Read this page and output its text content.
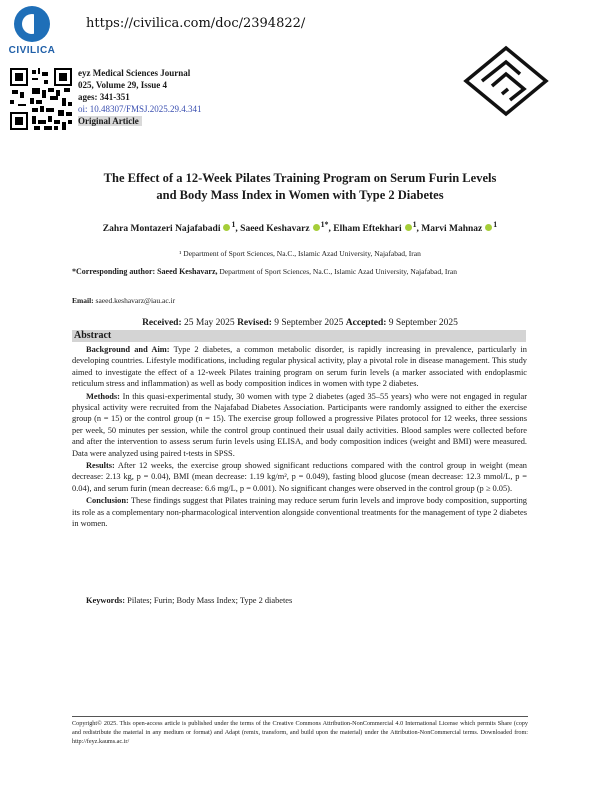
CIVILICA
https://civilica.com/doc/2394822/
eyz Medical Sciences Journal
025, Volume 29, Issue 4
ages: 341-351
oi: 10.48307/FMSJ.2025.29.4.341
Original Article
The Effect of a 12-Week Pilates Training Program on Serum Furin Levels
and Body Mass Index in Women with Type 2 Diabetes
Zahra Montazeri Najafabadi $^1$, Saeed Keshavarz $^{1*}$, Elham Eftekhari $^1$, Marvi Mahnaz $^1$
¹ Department of Sport Sciences, Na.C., Islamic Azad University, Najafabad, Iran
*Corresponding author: Saeed Keshavarz, Department of Sport Sciences, Na.C., Islamic Azad University, Najafabad, Iran
Email: saeed.keshavarz@iau.ac.ir
Received: 25 May 2025 Revised: 9 September 2025 Accepted: 9 September 2025
Abstract

Background and Aim: Type 2 diabetes, a common metabolic disorder, is rapidly increasing in prevalence, particularly in developing countries. Lifestyle modifications, including regular physical activity, play a pivotal role in disease management. This study aimed to investigate the effect of a 12-week Pilates training program on serum furin levels (a marker associated with endoplasmic reticulum stress and inflammation) as well as body composition indices in women with type 2 diabetes.

Methods: In this quasi-experimental study, 30 women with type 2 diabetes (aged 35–55 years) who were not engaged in regular physical activity were recruited from the Najafabad Diabetes Association. Participants were randomly assigned to either the exercise group (n = 15) or the control group (n = 15). The exercise group followed a progressive Pilates protocol for 12 weeks, three sessions per week, 50 minutes per session, while the control group continued their usual daily activities. Blood samples were collected before and after the intervention to assess serum furin levels using ELISA, and body composition indices (weight and BMI) were measured. Data were analyzed using paired t-tests in SPSS.

Results: After 12 weeks, the exercise group showed significant reductions compared with the control group in weight (mean decrease: 2.13 kg, p = 0.04), BMI (mean decrease: 1.19 kg/m², p = 0.049), fasting blood glucose (mean decrease: 12.3 mmol/L, p = 0.04), and serum furin (mean decrease: 6.6 mg/L, p = 0.001). No significant changes were observed in the control group (p ≥ 0.05).

Conclusion: These findings suggest that Pilates training may reduce serum furin levels and improve body composition, supporting its role as a complementary non-pharmacological intervention alongside conventional treatments for the management of type 2 diabetes in women.

Keywords: Pilates; Furin; Body Mass Index; Type 2 diabetes
Copyright© 2025. This open-access article is published under the terms of the Creative Commons Attribution-NonCommercial 4.0 International License which permits Share (copy and redistribute the material in any medium or format) and Adapt (remix, transform, and build upon the material) under the Attribution-NonCommercial terms. Downloaded from: http://feyz.kaums.ac.ir/
